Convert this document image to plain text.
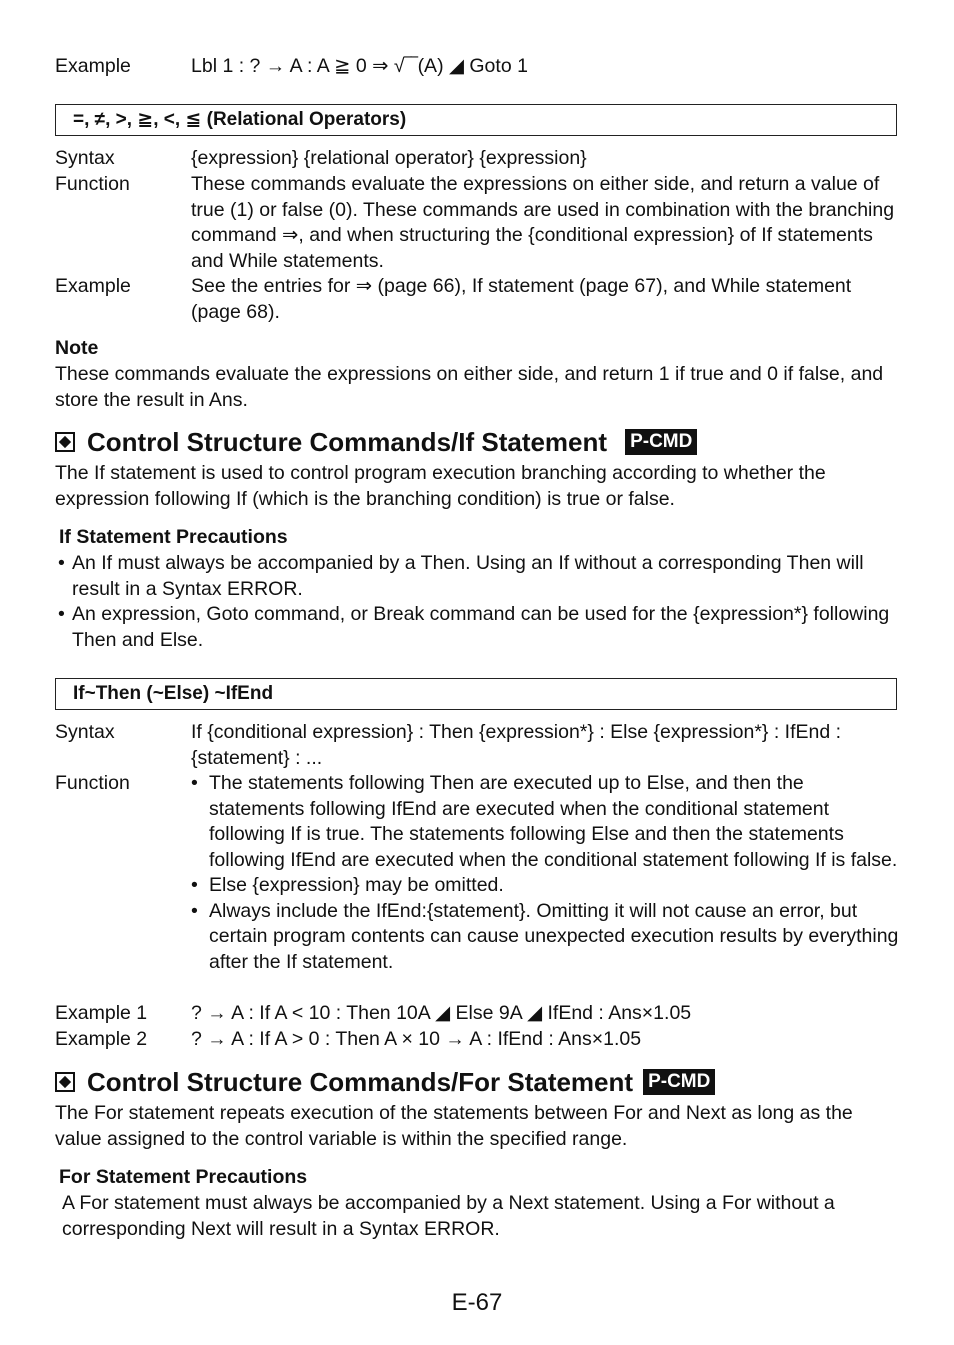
Example	Lbl 1 : ? → A : A ≧ 0 ⇒ √‾‾(A) ◢ Goto 1
=, ≠, >, ≧, <, ≦ (Relational Operators)
Syntax	{expression} {relational operator} {expression}
Function	These commands evaluate the expressions on either side, and return a value of true (1) or false (0). These commands are used in combination with the branching command ⇒, and when structuring the {conditional expression} of If statements and While statements.
Example	See the entries for ⇒ (page 66), If statement (page 67), and While statement (page 68).
Note
These commands evaluate the expressions on either side, and return 1 if true and 0 if false, and store the result in Ans.
Control Structure Commands/If Statement P-CMD
The If statement is used to control program execution branching according to whether the expression following If (which is the branching condition) is true or false.
If Statement Precautions
• An If must always be accompanied by a Then. Using an If without a corresponding Then will result in a Syntax ERROR.
• An expression, Goto command, or Break command can be used for the {expression*} following Then and Else.
If~Then (~Else) ~IfEnd
Syntax	If {conditional expression} : Then {expression*} : Else {expression*} : IfEnd : {statement} : ...
Function
•	The statements following Then are executed up to Else, and then the statements following IfEnd are executed when the conditional statement following If is true. The statements following Else and then the statements following IfEnd are executed when the conditional statement following If is false.
• Else {expression} may be omitted.
• Always include the IfEnd:{statement}. Omitting it will not cause an error, but certain program contents can cause unexpected execution results by everything after the If statement.
Example 1	? → A : If A < 10 : Then 10A ◢ Else 9A ◢ IfEnd : Ans×1.05
Example 2	? → A : If A > 0 : Then A × 10 → A : IfEnd : Ans×1.05
Control Structure Commands/For Statement P-CMD
The For statement repeats execution of the statements between For and Next as long as the value assigned to the control variable is within the specified range.
For Statement Precautions
A For statement must always be accompanied by a Next statement. Using a For without a corresponding Next will result in a Syntax ERROR.
E-67
